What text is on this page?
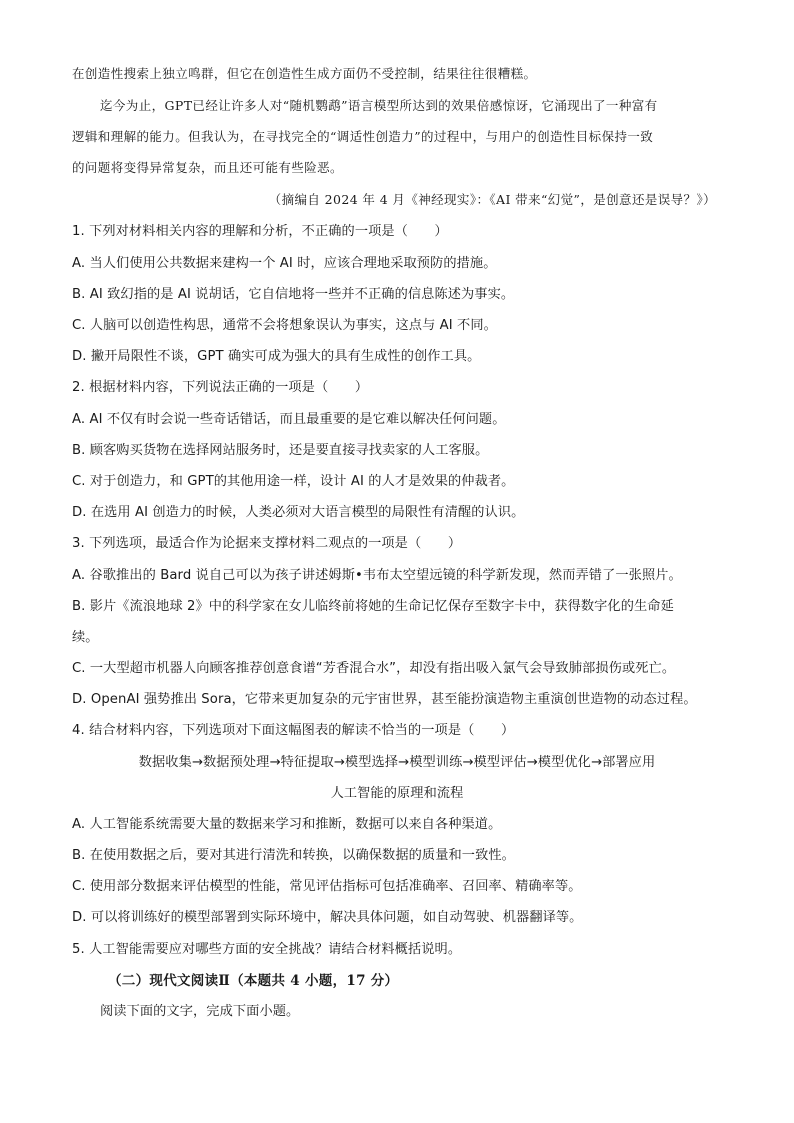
在创造性搜索上独立鸣群，但它在创造性生成方面仍不受控制，结果往往很糟糕。
迄今为止，GPT已经让许多人对“随机鹦鹉”语言模型所达到的效果倍感惊讶，它涌现出了一种富有
逻辑和理解的能力。但我认为，在寻找完全的“调适性创造力”的过程中，与用户的创造性目标保持一致
的问题将变得异常复杂，而且还可能有些险恶。
（摘编自 2024 年 4 月《神经现实》：《AI 带来“幻觉”，是创意还是误导？》）
1. 下列对材料相关内容的理解和分析，不正确的一项是（　　）
A. 当人们使用公共数据来建构一个 AI 时，应该合理地采取预防的措施。
B. AI 致幻指的是 AI 说胡话，它自信地将一些并不正确的信息陈述为事实。
C. 人脑可以创造性构思，通常不会将想象误认为事实，这点与 AI 不同。
D. 撇开局限性不谈，GPT 确实可成为强大的具有生成性的创作工具。
2. 根据材料内容，下列说法正确的一项是（　　）
A. AI 不仅有时会说一些奇话错话，而且最重要的是它难以解决任何问题。
B. 顾客购买货物在选择网站服务时，还是要直接寻找卖家的人工客服。
C. 对于创造力，和 GPT的其他用途一样，设计 AI 的人才是效果的仲裁者。
D. 在选用 AI 创造力的时候，人类必须对大语言模型的局限性有清醒的认识。
3. 下列选项，最适合作为论据来支撑材料二观点的一项是（　　）
A. 谷歌推出的 Bard 说自己可以为孩子讲述姆斯•韦布太空望远镜的科学新发现，然而弄错了一张照片。
B. 影片《流浪地球 2》中的科学家在女儿临终前将她的生命记忆保存至数字卡中，获得数字化的生命延
续。
C. 一大型超市机器人向顾客推荐创意食谱“芳香混合水”，却没有指出吸入氯气会导致肺部损伤或死亡。
D. OpenAI 强势推出 Sora，它带来更加复杂的元宇宙世界，甚至能扮演造物主重演创世造物的动态过程。
4. 结合材料内容，下列选项对下面这幅图表的解读不恰当的一项是（　　）
数据收集→数据预处理→特征提取→模型选择→模型训练→模型评估→模型优化→部署应用
人工智能的原理和流程
A. 人工智能系统需要大量的数据来学习和推断，数据可以来自各种渠道。
B. 在使用数据之后，要对其进行清洗和转换，以确保数据的质量和一致性。
C. 使用部分数据来评估模型的性能，常见评估指标可包括准确率、召回率、精确率等。
D. 可以将训练好的模型部署到实际环境中，解决具体问题，如自动驾驶、机器翻译等。
5. 人工智能需要应对哪些方面的安全挑战？请结合材料概括说明。
（二）现代文阅读Ⅱ（本题共 4 小题，17 分）
阅读下面的文字，完成下面小题。
